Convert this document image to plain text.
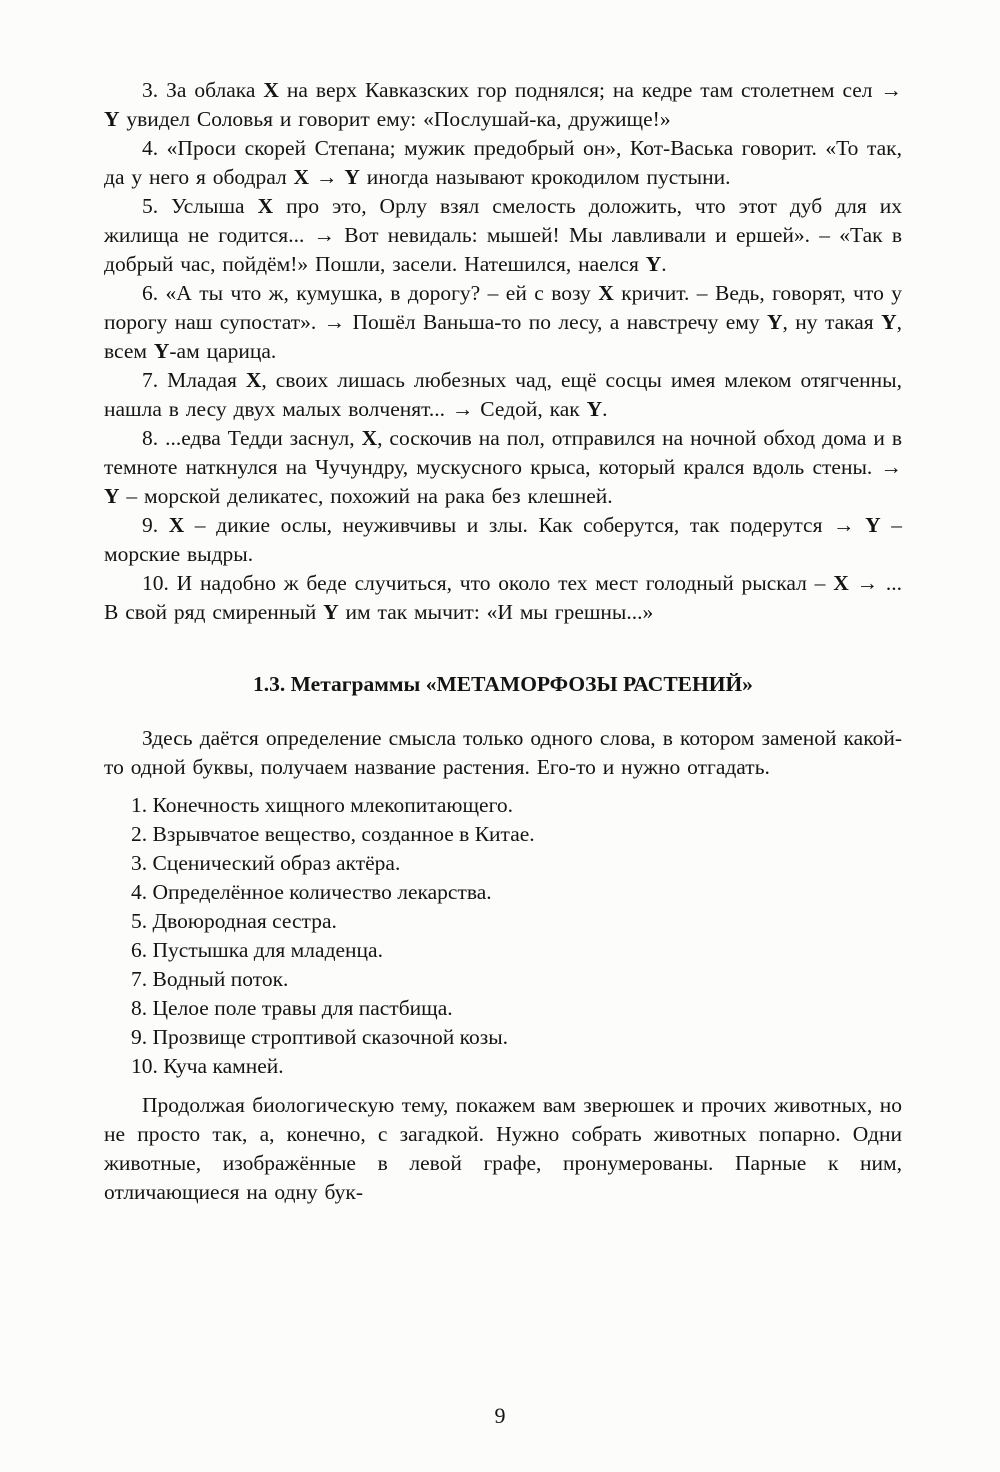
3. За облака X на верх Кавказских гор поднялся; на кедре там столетнем сел → Y увидел Соловья и говорит ему: «Послушай-ка, дружище!»

4. «Проси скорей Степана; мужик предобрый он», Кот-Васька говорит. «То так, да у него я ободрал X → Y иногда называют крокодилом пустыни.

5. Услыша X про это, Орлу взял смелость доложить, что этот дуб для их жилища не годится... → Вот невидаль: мышей! Мы лавливали и ершей». – «Так в добрый час, пойдём!» Пошли, засели. Натешился, наелся Y.

6. «А ты что ж, кумушка, в дорогу? – ей с возу X кричит. – Ведь, говорят, что у порогу наш супостат». → Пошёл Ваньша-то по лесу, а навстречу ему Y, ну такая Y, всем Y-ам царица.

7. Младая X, своих лишась любезных чад, ещё сосцы имея млеком отягченны, нашла в лесу двух малых волченят... → Седой, как Y.

8. ...едва Тедди заснул, X, соскочив на пол, отправился на ночной обход дома и в темноте наткнулся на Чучундру, мускусного крыса, который крался вдоль стены. → Y – морской деликатес, похожий на рака без клешней.

9. X – дикие ослы, неуживчивы и злы. Как соберутся, так подерутся → Y – морские выдры.

10. И надобно ж беде случиться, что около тех мест голодный рыскал – X → ... В свой ряд смиренный Y им так мычит: «И мы грешны...»

1.3. Метаграммы «МЕТАМОРФОЗЫ РАСТЕНИЙ»

Здесь даётся определение смысла только одного слова, в котором заменой какой-то одной буквы, получаем название растения. Его-то и нужно отгадать.

1. Конечность хищного млекопитающего.

2. Взрывчатое вещество, созданное в Китае.

3. Сценический образ актёра.

4. Определённое количество лекарства.

5. Двоюродная сестра.

6. Пустышка для младенца.

7. Водный поток.

8. Целое поле травы для пастбища.

9. Прозвище строптивой сказочной козы.

10. Куча камней.

Продолжая биологическую тему, покажем вам зверюшек и прочих животных, но не просто так, а, конечно, с загадкой. Нужно собрать животных попарно. Одни животные, изображённые в левой графе, пронумерованы. Парные к ним, отличающиеся на одну бук-

9
